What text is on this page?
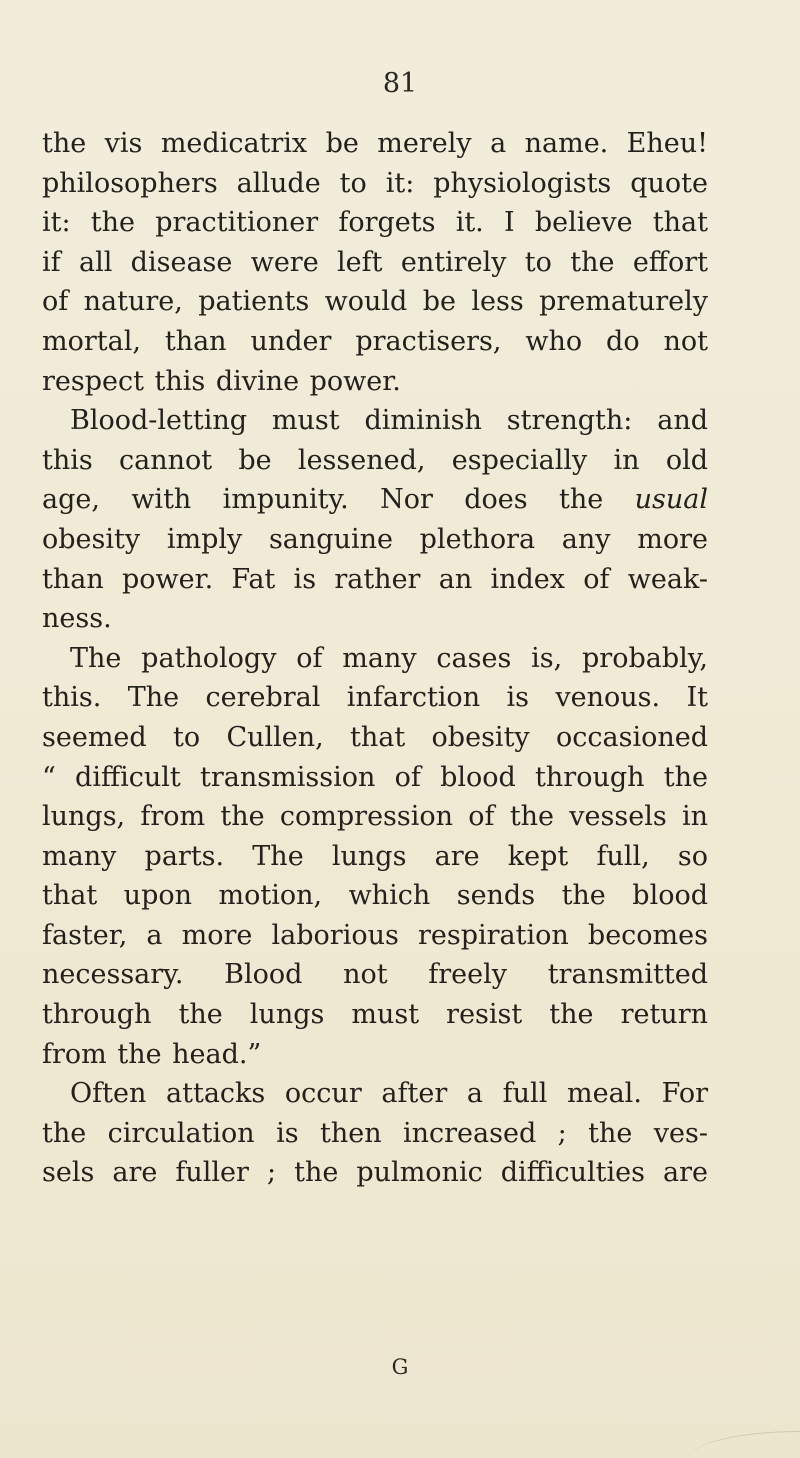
81
the vis medicatrix be merely a name. Eheu!
philosophers allude to it: physiologists quote
it: the practitioner forgets it. I believe that
if all disease were left entirely to the effort
of nature, patients would be less prematurely
mortal, than under practisers, who do not
respect this divine power.
Blood-letting must diminish strength: and
this cannot be lessened, especially in old
age, with impunity. Nor does the usual
obesity imply sanguine plethora any more
than power. Fat is rather an index of weak-
ness.
The pathology of many cases is, probably,
this. The cerebral infarction is venous. It
seemed to Cullen, that obesity occasioned
“ difficult transmission of blood through the
lungs, from the compression of the vessels in
many parts. The lungs are kept full, so
that upon motion, which sends the blood
faster, a more laborious respiration becomes
necessary. Blood not freely transmitted
through the lungs must resist the return
from the head.”
Often attacks occur after a full meal. For
the circulation is then increased ; the ves-
sels are fuller ; the pulmonic difficulties are
G
